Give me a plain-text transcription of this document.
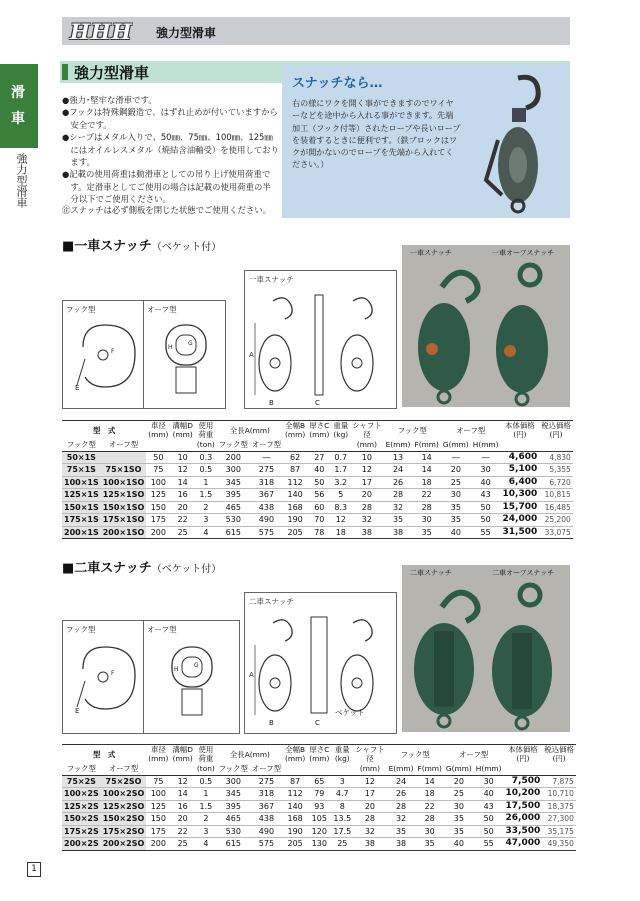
HHH 強力型滑車
滑
車
強力型滑車
強力型滑車
●強力･堅牢な滑車です。
●フックは特殊鋼鍛造で、はずれ止めが付いていますから
　安全です。
●シーブはメタル入りで、50㎜、75㎜、100㎜、125㎜
　にはオイルレスメタル（焼結含油軸受）を使用しており
　ます。
●記載の使用荷重は動滑車としての吊り上げ使用荷重で
　す。定滑車としてご使用の場合は記載の使用荷重の半
　分以下でご使用ください。
㊟スナッチは必ず側板を閉じた状態でご使用ください。
スナッチなら…
右の様にワクを開く事ができますのでワイヤ
ーなどを途中から入れる事ができます。先端
加工（フック付等）されたロープや長いロープ
を装着するときに便利です。（鉄ブロックはワ
クが開かないのでロープを先端から入れてく
ださい。）
■一車スナッチ（ベケット付）
フック型
E
F
オーフ型
H
G
一車スナッチ
A
B	C
一車スナッチ	一車オーフスナッチ
型　式		車径
(mm)	溝幅D
(mm)	使用
荷重	全長A(mm)		全幅B
(mm)	厚さC
(mm)	重量
(kg)	シャフト
径	フック型		オーフ型		本体価格
(円)	税込価格
(円)
フック型	オーフ型			(ton)	フック型	オーフ型				(mm)	E(mm)	F(mm)	G(mm)	H(mm)		
50×1S		50	10	0.3	200	―	62	27	0.7	10	13	14	―	―	4,600	4,830
75×1S	75×1SO	75	12	0.5	300	275	87	40	1.7	12	24	14	20	30	5,100	5,355
100×1S	100×1SO	100	14	1	345	318	112	50	3.2	17	26	18	25	40	6,400	6,720
125×1S	125×1SO	125	16	1.5	395	367	140	56	5	20	28	22	30	43	10,300	10,815
150×1S	150×1SO	150	20	2	465	438	168	60	8.3	28	32	28	35	50	15,700	16,485
175×1S	175×1SO	175	22	3	530	490	190	70	12	32	35	30	35	50	24,000	25,200
200×1S	200×1SO	200	25	4	615	575	205	78	18	38	38	35	40	55	31,500	33,075
■二車スナッチ（ベケット付）
フック型
E
F
オーフ型
H
G
二車スナッチ
ベケット
A
B	C
二車スナッチ	二車オーフスナッチ
型　式		車径
(mm)	溝幅D
(mm)	使用
荷重	全長A(mm)		全幅B
(mm)	厚さC
(mm)	重量
(kg)	シャフト
径	フック型		オーフ型		本体価格
(円)	税込価格
(円)
フック型	オーフ型			(ton)	フック型	オーフ型				(mm)	E(mm)	F(mm)	G(mm)	H(mm)		
75×2S	75×2SO	75	12	0.5	300	275	87	65	3	12	24	14	20	30	7,500	7,875
100×2S	100×2SO	100	14	1	345	318	112	79	4.7	17	26	18	25	40	10,200	10,710
125×2S	125×2SO	125	16	1.5	395	367	140	93	8	20	28	22	30	43	17,500	18,375
150×2S	150×2SO	150	20	2	465	438	168	105	13.5	28	32	28	35	50	26,000	27,300
175×2S	175×2SO	175	22	3	530	490	190	120	17.5	32	35	30	35	50	33,500	35,175
200×2S	200×2SO	200	25	4	615	575	205	130	25	38	38	35	40	55	47,000	49,350
1
